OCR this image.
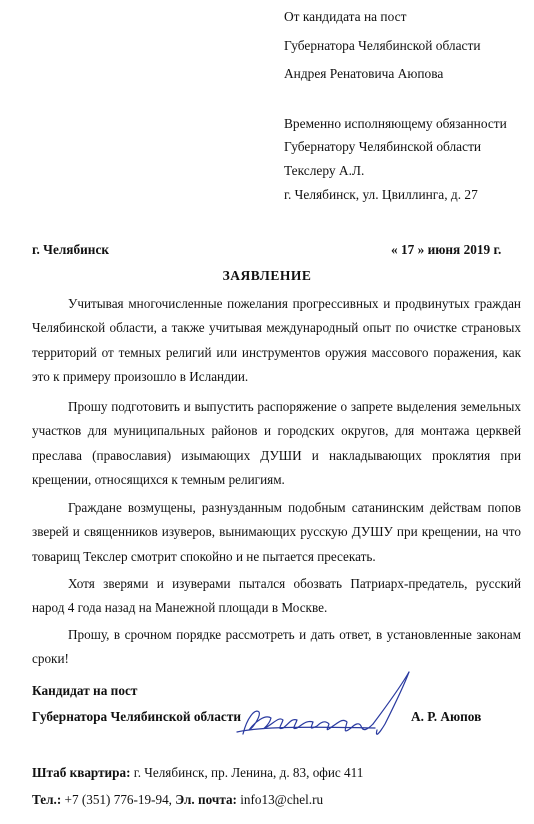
От кандидата на пост
Губернатора Челябинской области
Андрея Ренатовича Аюпова
Временно исполняющему обязанности
Губернатору Челябинской области
Текслеру А.Л.
г. Челябинск, ул. Цвиллинга, д. 27
г. Челябинск	« 17 » июня 2019 г.
ЗАЯВЛЕНИЕ

Учитывая многочисленные пожелания прогрессивных и продвинутых граждан Челябинской области, а также учитывая международный опыт по очистке страновых территорий от темных религий или инструментов оружия массового поражения, как это к примеру произошло в Исландии.

Прошу подготовить и выпустить распоряжение о запрете выделения земельных участков для муниципальных районов и городских округов, для монтажа церквей преслава (православия) изымающих ДУШИ и накладывающих проклятия при крещении, относящихся к темным религиям.

Граждане возмущены, разнузданным подобным сатанинским действам попов зверей и священников изуверов, вынимающих русскую ДУШУ при крещении, на что товарищ Текслер смотрит спокойно и не пытается пресекать.

Хотя зверями и изуверами пытался обозвать Патриарх-предатель, русский народ 4 года назад на Манежной площади в Москве.

Прошу, в срочном порядке рассмотреть и дать ответ, в установленные законам сроки!

Кандидат на пост
Губернатора Челябинской области	А. Р. Аюпов
Штаб квартира: г. Челябинск, пр. Ленина, д. 83, офис 411
Тел.: +7 (351) 776-19-94, Эл. почта: info13@chel.ru
